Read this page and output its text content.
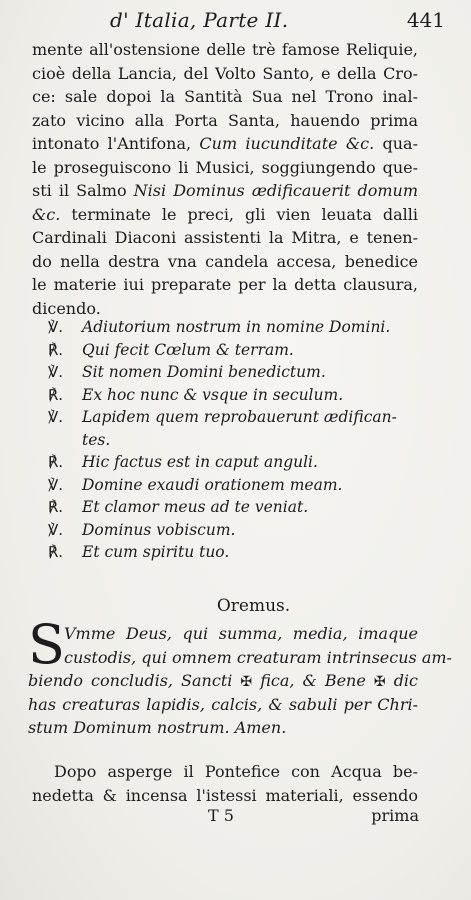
d' Italia, Parte II.	441
mente all'ostensione delle trè famose Reliquie,
cioè della Lancia, del Volto Santo, e della Cro-
ce: sale dopoi la Santità Sua nel Trono inal-
zato vicino alla Porta Santa, hauendo prima
intonato l'Antifona, Cum iucunditate &c. qua-
le proseguiscono li Musici, soggiungendo que-
sti il Salmo Nisi Dominus ædificauerit domum
&c. terminate le preci, gli vien leuata dalli
Cardinali Diaconi assistenti la Mitra, e tenen-
do nella destra vna candela accesa, benedice
le materie iui preparate per la detta clausura,
dicendo.
℣.	Adiutorium nostrum in nomine Domini.
℟.	Qui fecit Cœlum & terram.
℣.	Sit nomen Domini benedictum.
℟.	Ex hoc nunc & vsque in seculum.
℣.	Lapidem quem reprobauerunt ædifican-
tes.
℟.	Hic factus est in caput anguli.
℣.	Domine exaudi orationem meam.
℟.	Et clamor meus ad te veniat.
℣.	Dominus vobiscum.
℟.	Et cum spiritu tuo.
Oremus.
S Vmme Deus, qui summa, media, imaque
custodis, qui omnem creaturam intrinsecus am-
biendo concludis, Sancti ✠ fica, & Bene ✠ dic
has creaturas lapidis, calcis, & sabuli per Chri-
stum Dominum nostrum. Amen.
Dopo asperge il Pontefice con Acqua be-
nedetta & incensa l'istessi materiali, essendo
T 5	prima
